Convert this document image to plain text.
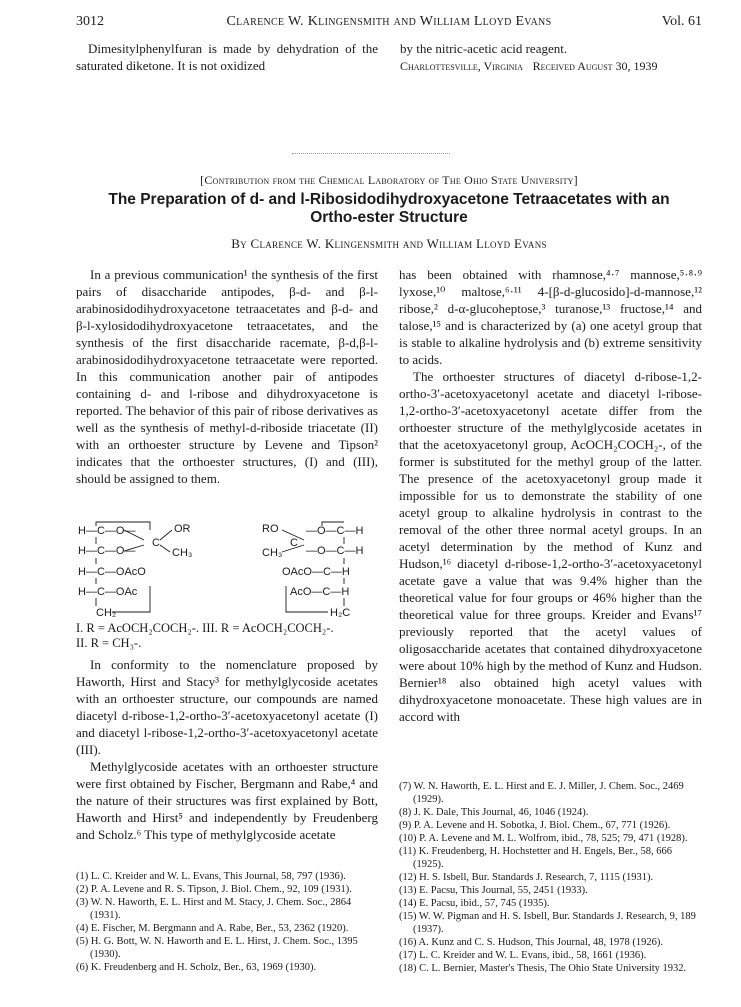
3012	Clarence W. Klingensmith and William Lloyd Evans	Vol. 61

Dimesitylphenylfuran is made by dehydration of the saturated diketone. It is not oxidized

by the nitric-acetic acid reagent.

Charlottesville, Virginia Received August 30, 1939

[Contribution from the Chemical Laboratory of The Ohio State University]
The Preparation of d- and l-Ribosidodihydroxyacetone Tetraacetates with an Ortho-ester Structure
By Clarence W. Klingensmith and William Lloyd Evans

In a previous communication¹ the synthesis of the first pairs of disaccharide antipodes, β-d- and β-l-arabinosidodihydroxyacetone tetraacetates and β-d- and β-l-xylosidodihydroxyacetone tetraacetates, and the synthesis of the first disaccharide racemate, β-d,β-l-arabinosidodihydroxyacetone tetraacetate were reported. In this communication another pair of antipodes containing d- and l-ribose and dihydroxyacetone is reported. The behavior of this pair of ribose derivatives as well as the synthesis of methyl-d-riboside triacetate (II) with an orthoester structure by Levene and Tipson² indicates that the orthoester structures, (I) and (III), should be assigned to them.

H—C—O—
H—C—O—
H—C—OAcO
H—C—OAc
CH₂
C
OR
CH₃
RO
CH₃
C
—O—C—H
—O—C—H
OAcO—C—H
AcO—C—H
H₂C
I. R = AcOCH₂COCH₂-. III. R = AcOCH₂COCH₂-.
II. R = CH₃-.

In conformity to the nomenclature proposed by Haworth, Hirst and Stacy³ for methylglycoside acetates with an orthoester structure, our compounds are named diacetyl d-ribose-1,2-ortho-3′-acetoxyacetonyl acetate (I) and diacetyl l-ribose-1,2-ortho-3′-acetoxyacetonyl acetate (III).

Methylglycoside acetates with an orthoester structure were first obtained by Fischer, Bergmann and Rabe,⁴ and the nature of their structures was first explained by Bott, Haworth and Hirst⁵ and independently by Freudenberg and Scholz.⁶ This type of methylglycoside acetate

(1) L. C. Kreider and W. L. Evans, This Journal, 58, 797 (1936).
(2) P. A. Levene and R. S. Tipson, J. Biol. Chem., 92, 109 (1931).
(3) W. N. Haworth, E. L. Hirst and M. Stacy, J. Chem. Soc., 2864 (1931).
(4) E. Fischer, M. Bergmann and A. Rabe, Ber., 53, 2362 (1920).
(5) H. G. Bott, W. N. Haworth and E. L. Hirst, J. Chem. Soc., 1395 (1930).
(6) K. Freudenberg and H. Scholz, Ber., 63, 1969 (1930).

has been obtained with rhamnose,⁴·⁷ mannose,⁵·⁸·⁹ lyxose,¹⁰ maltose,⁶·¹¹ 4-[β-d-glucosido]-d-mannose,¹² ribose,² d-α-glucoheptose,³ turanose,¹³ fructose,¹⁴ and talose,¹⁵ and is characterized by (a) one acetyl group that is stable to alkaline hydrolysis and (b) extreme sensitivity to acids.

The orthoester structures of diacetyl d-ribose-1,2-ortho-3′-acetoxyacetonyl acetate and diacetyl l-ribose-1,2-ortho-3′-acetoxyacetonyl acetate differ from the orthoester structure of the methylglycoside acetates in that the acetoxyacetonyl group, AcOCH₂COCH₂-, of the former is substituted for the methyl group of the latter. The presence of the acetoxyacetonyl group made it impossible for us to demonstrate the stability of one acetyl group to alkaline hydrolysis in contrast to the removal of the other three normal acetyl groups. In an acetyl determination by the method of Kunz and Hudson,¹⁶ diacetyl d-ribose-1,2-ortho-3′-acetoxyacetonyl acetate gave a value that was 9.4% higher than the theoretical value for four groups or 46% higher than the theoretical value for three groups. Kreider and Evans¹⁷ previously reported that the acetyl values of oligosaccharide acetates that contained dihydroxyacetone were about 10% high by the method of Kunz and Hudson. Bernier¹⁸ also obtained high acetyl values with dihydroxyacetone monoacetate. These high values are in accord with

(7) W. N. Haworth, E. L. Hirst and E. J. Miller, J. Chem. Soc., 2469 (1929).
(8) J. K. Dale, This Journal, 46, 1046 (1924).
(9) P. A. Levene and H. Sobotka, J. Biol. Chem., 67, 771 (1926).
(10) P. A. Levene and M. L. Wolfrom, ibid., 78, 525; 79, 471 (1928).
(11) K. Freudenberg, H. Hochstetter and H. Engels, Ber., 58, 666 (1925).
(12) H. S. Isbell, Bur. Standards J. Research, 7, 1115 (1931).
(13) E. Pacsu, This Journal, 55, 2451 (1933).
(14) E. Pacsu, ibid., 57, 745 (1935).
(15) W. W. Pigman and H. S. Isbell, Bur. Standards J. Research, 9, 189 (1937).
(16) A. Kunz and C. S. Hudson, This Journal, 48, 1978 (1926).
(17) L. C. Kreider and W. L. Evans, ibid., 58, 1661 (1936).
(18) C. L. Bernier, Master's Thesis, The Ohio State University 1932.
